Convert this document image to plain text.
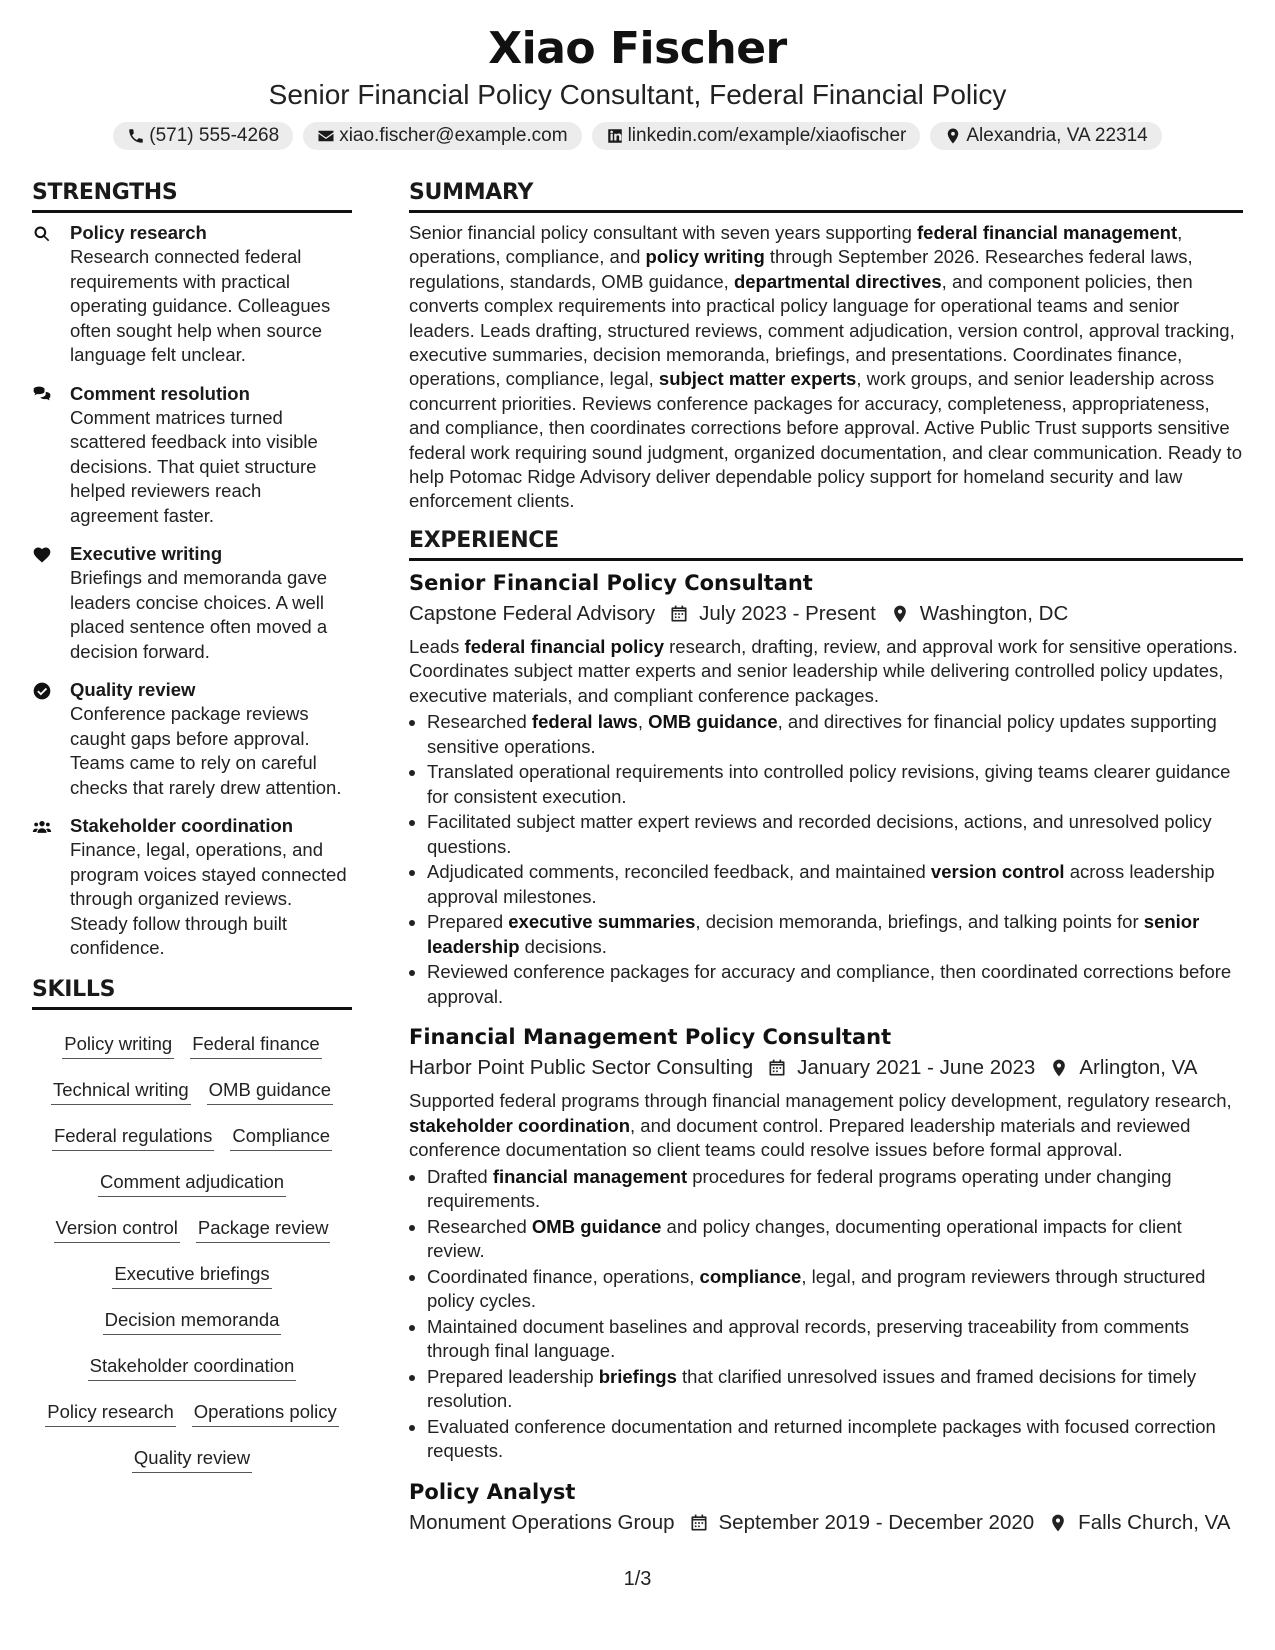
Xiao Fischer
Senior Financial Policy Consultant, Federal Financial Policy
(571) 555-4268	xiao.fischer@example.com	linkedin.com/example/xiaofischer	Alexandria, VA 22314
STRENGTHS
Policy research
Research connected federal requirements with practical operating guidance. Colleagues often sought help when source language felt unclear.
Comment resolution
Comment matrices turned scattered feedback into visible decisions. That quiet structure helped reviewers reach agreement faster.
Executive writing
Briefings and memoranda gave leaders concise choices. A well placed sentence often moved a decision forward.
Quality review
Conference package reviews caught gaps before approval. Teams came to rely on careful checks that rarely drew attention.
Stakeholder coordination
Finance, legal, operations, and program voices stayed connected through organized reviews. Steady follow through built confidence.
SKILLS
Policy writing Federal finance
Technical writing OMB guidance
Federal regulations Compliance
Comment adjudication
Version control Package review
Executive briefings
Decision memoranda
Stakeholder coordination
Policy research Operations policy
Quality review
SUMMARY

Senior financial policy consultant with seven years supporting federal financial management, operations, compliance, and policy writing through September 2026. Researches federal laws, regulations, standards, OMB guidance, departmental directives, and component policies, then converts complex requirements into practical policy language for operational teams and senior leaders. Leads drafting, structured reviews, comment adjudication, version control, approval tracking, executive summaries, decision memoranda, briefings, and presentations. Coordinates finance, operations, compliance, legal, subject matter experts, work groups, and senior leadership across concurrent priorities. Reviews conference packages for accuracy, completeness, appropriateness, and compliance, then coordinates corrections before approval. Active Public Trust supports sensitive federal work requiring sound judgment, organized documentation, and clear communication. Ready to help Potomac Ridge Advisory deliver dependable policy support for homeland security and law enforcement clients.

EXPERIENCE
Senior Financial Policy Consultant
Capstone Federal Advisory July 2023 - Present Washington, DC
Leads federal financial policy research, drafting, review, and approval work for sensitive operations. Coordinates subject matter experts and senior leadership while delivering controlled policy updates, executive materials, and compliant conference packages.
• Researched federal laws, OMB guidance, and directives for financial policy updates supporting sensitive operations.
• Translated operational requirements into controlled policy revisions, giving teams clearer guidance for consistent execution.
• Facilitated subject matter expert reviews and recorded decisions, actions, and unresolved policy questions.
• Adjudicated comments, reconciled feedback, and maintained version control across leadership approval milestones.
• Prepared executive summaries, decision memoranda, briefings, and talking points for senior leadership decisions.
• Reviewed conference packages for accuracy and compliance, then coordinated corrections before approval.
Financial Management Policy Consultant
Harbor Point Public Sector Consulting January 2021 - June 2023 Arlington, VA
Supported federal programs through financial management policy development, regulatory research, stakeholder coordination, and document control. Prepared leadership materials and reviewed conference documentation so client teams could resolve issues before formal approval.
• Drafted financial management procedures for federal programs operating under changing requirements.
• Researched OMB guidance and policy changes, documenting operational impacts for client review.
• Coordinated finance, operations, compliance, legal, and program reviewers through structured policy cycles.
• Maintained document baselines and approval records, preserving traceability from comments through final language.
• Prepared leadership briefings that clarified unresolved issues and framed decisions for timely resolution.
• Evaluated conference documentation and returned incomplete packages with focused correction requests.
Policy Analyst
Monument Operations Group September 2019 - December 2020 Falls Church, VA
1/3
